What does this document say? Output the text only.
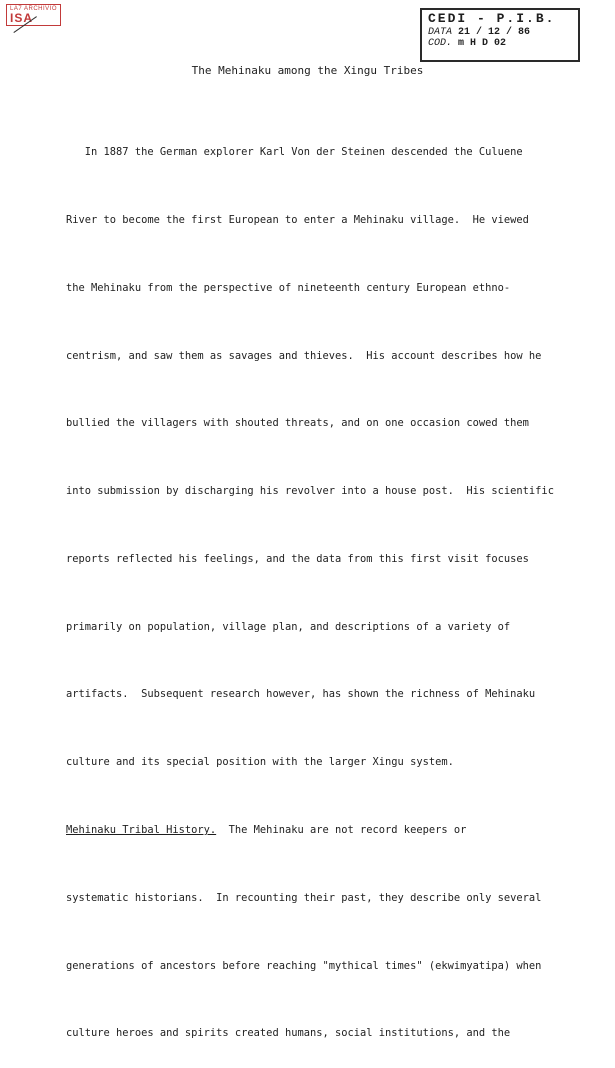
LA7 ARCHIVIO
ISA	CEDI - P.I.B.
DATA 21 / 12 / 86
COD. m H D 02
The Mehinaku among the Xingu Tribes

In 1887 the German explorer Karl Von der Steinen descended the Culuene

River to become the first European to enter a Mehinaku village.  He viewed

the Mehinaku from the perspective of nineteenth century European ethno-

centrism, and saw them as savages and thieves.  His account describes how he

bullied the villagers with shouted threats, and on one occasion cowed them

into submission by discharging his revolver into a house post.  His scientific

reports reflected his feelings, and the data from this first visit focuses

primarily on population, village plan, and descriptions of a variety of

artifacts.  Subsequent research however, has shown the richness of Mehinaku

culture and its special position with the larger Xingu system.

Mehinaku Tribal History.  The Mehinaku are not record keepers or

systematic historians.  In recounting their past, they describe only several

generations of ancestors before reaching "mythical times" (ekwimyatipa) when

culture heroes and spirits created humans, social institutions, and the
